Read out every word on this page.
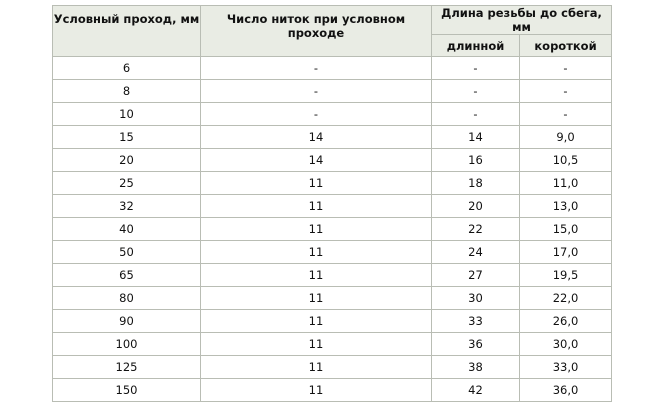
Условный проход, мм	Число ниток при условном проходе	Длина резьбы до сбега, мм	
		длинной	короткой
6	-	-	-
8	-	-	-
10	-	-	-
15	14	14	9,0
20	14	16	10,5
25	11	18	11,0
32	11	20	13,0
40	11	22	15,0
50	11	24	17,0
65	11	27	19,5
80	11	30	22,0
90	11	33	26,0
100	11	36	30,0
125	11	38	33,0
150	11	42	36,0
